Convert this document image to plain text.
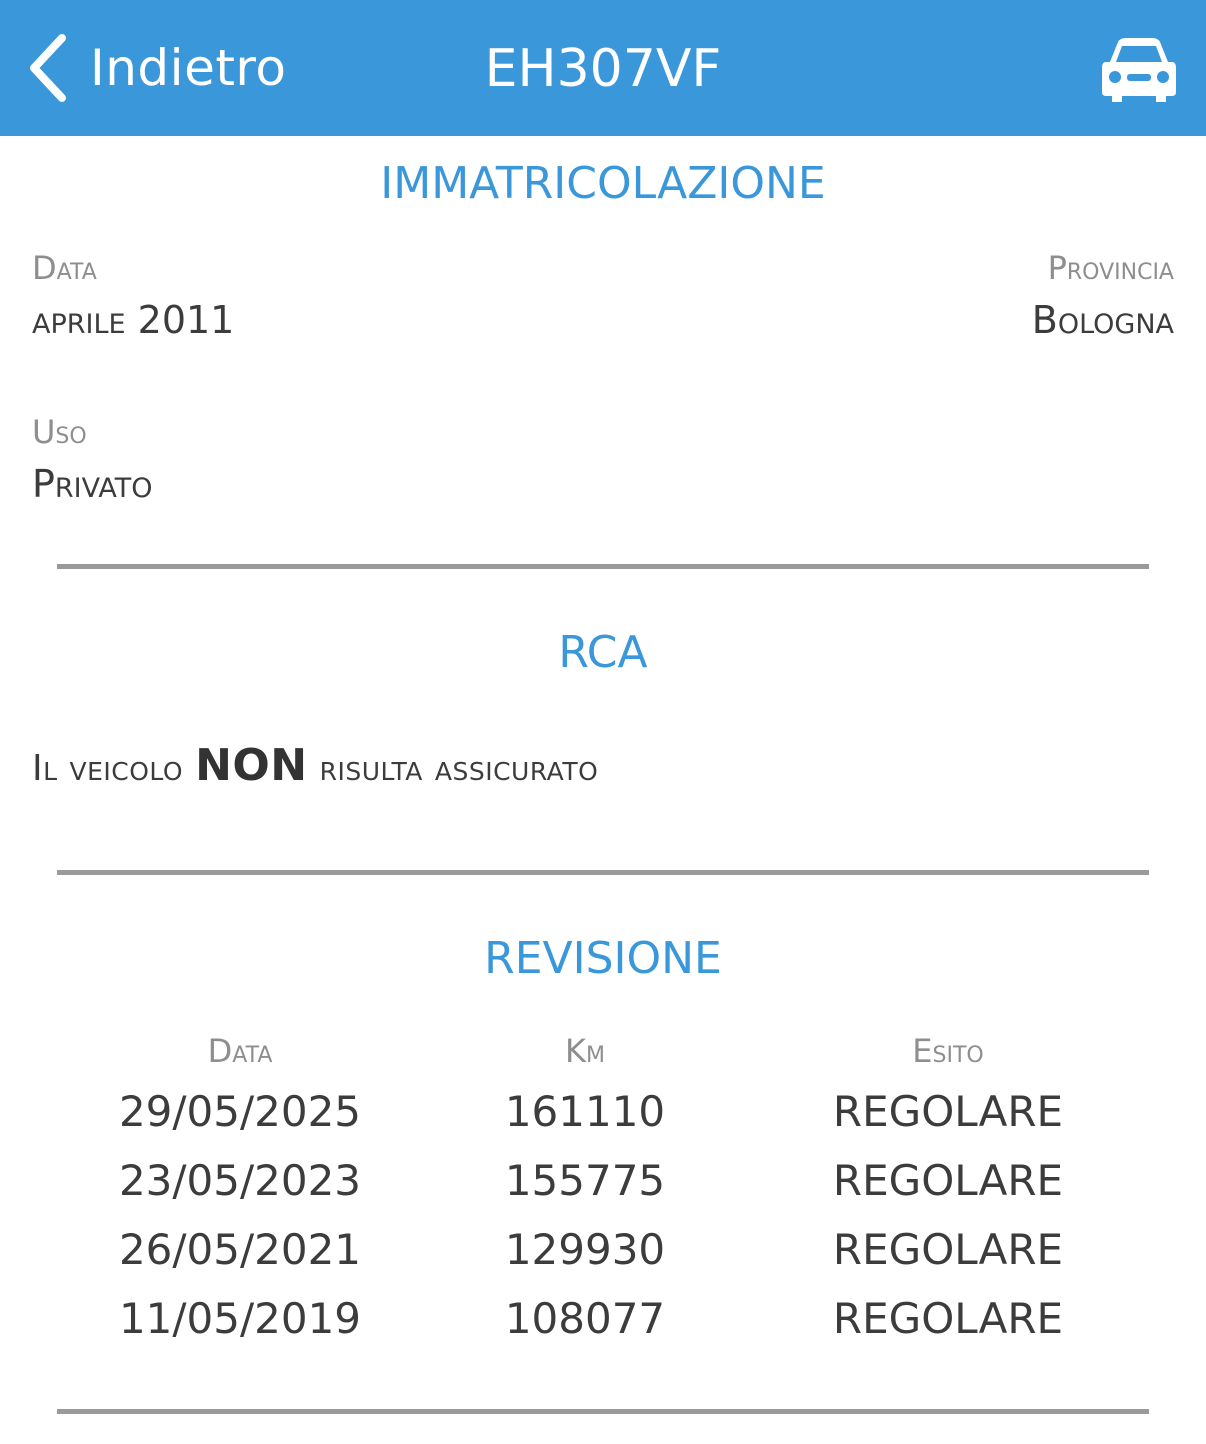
Indietro	EH307VF
IMMATRICOLAZIONE
Data
aprile 2011
Provincia
Bologna
Uso
Privato
RCA
Il veicolo NON risulta assicurato
REVISIONE
Data	Km	Esito
29/05/2025	161110	REGOLARE
23/05/2023	155775	REGOLARE
26/05/2021	129930	REGOLARE
11/05/2019	108077	REGOLARE
